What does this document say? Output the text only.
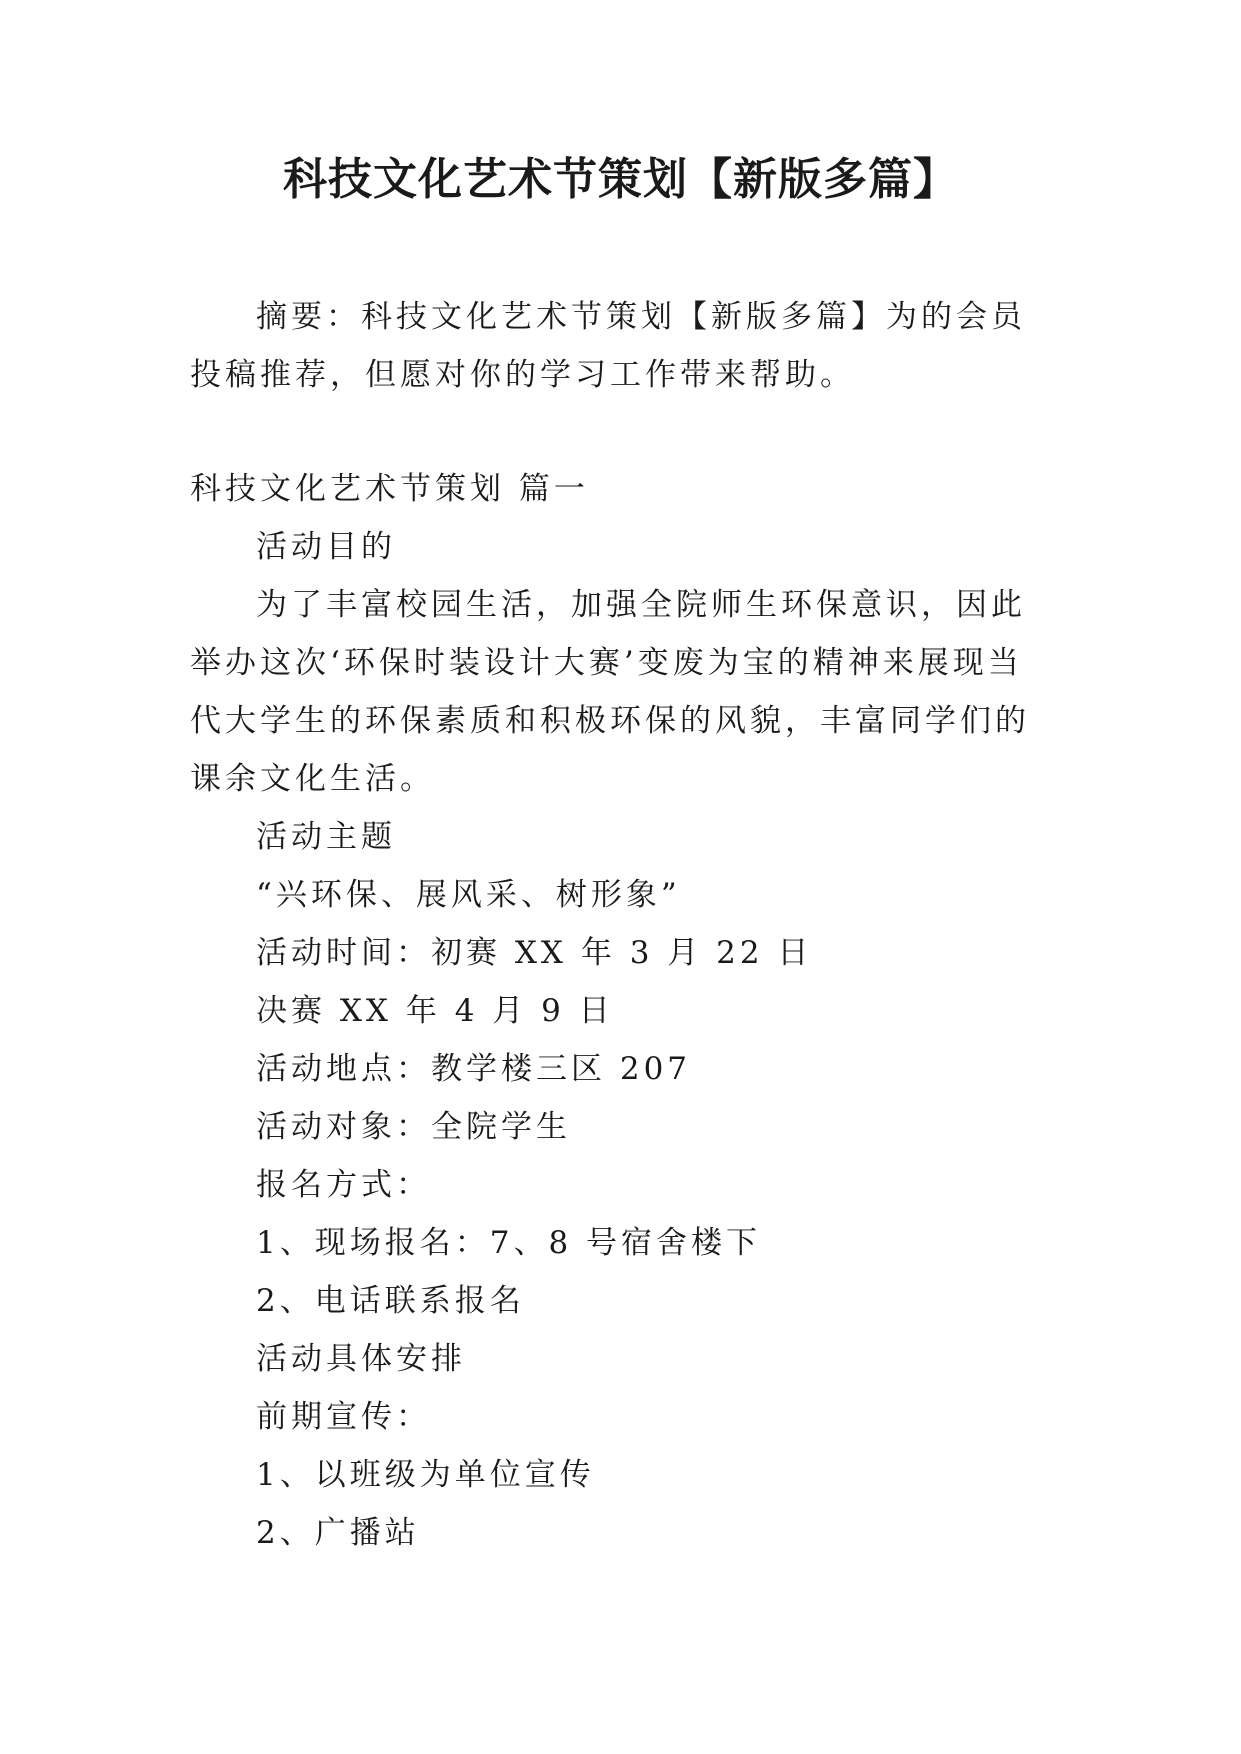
科技文化艺术节策划【新版多篇】
摘要：科技文化艺术节策划【新版多篇】为的会员投稿推荐，但愿对你的学习工作带来帮助。

科技文化艺术节策划 篇一

活动目的

为了丰富校园生活，加强全院师生环保意识，因此举办这次‘环保时装设计大赛’变废为宝的精神来展现当代大学生的环保素质和积极环保的风貌，丰富同学们的课余文化生活。

活动主题

“兴环保、展风采、树形象”

活动时间：初赛 XX 年 3 月 22 日

决赛 XX 年 4 月 9 日

活动地点：教学楼三区 207

活动对象：全院学生

报名方式：

1、现场报名：7、8 号宿舍楼下

2、电话联系报名

活动具体安排

前期宣传：

1、以班级为单位宣传

2、广播站
